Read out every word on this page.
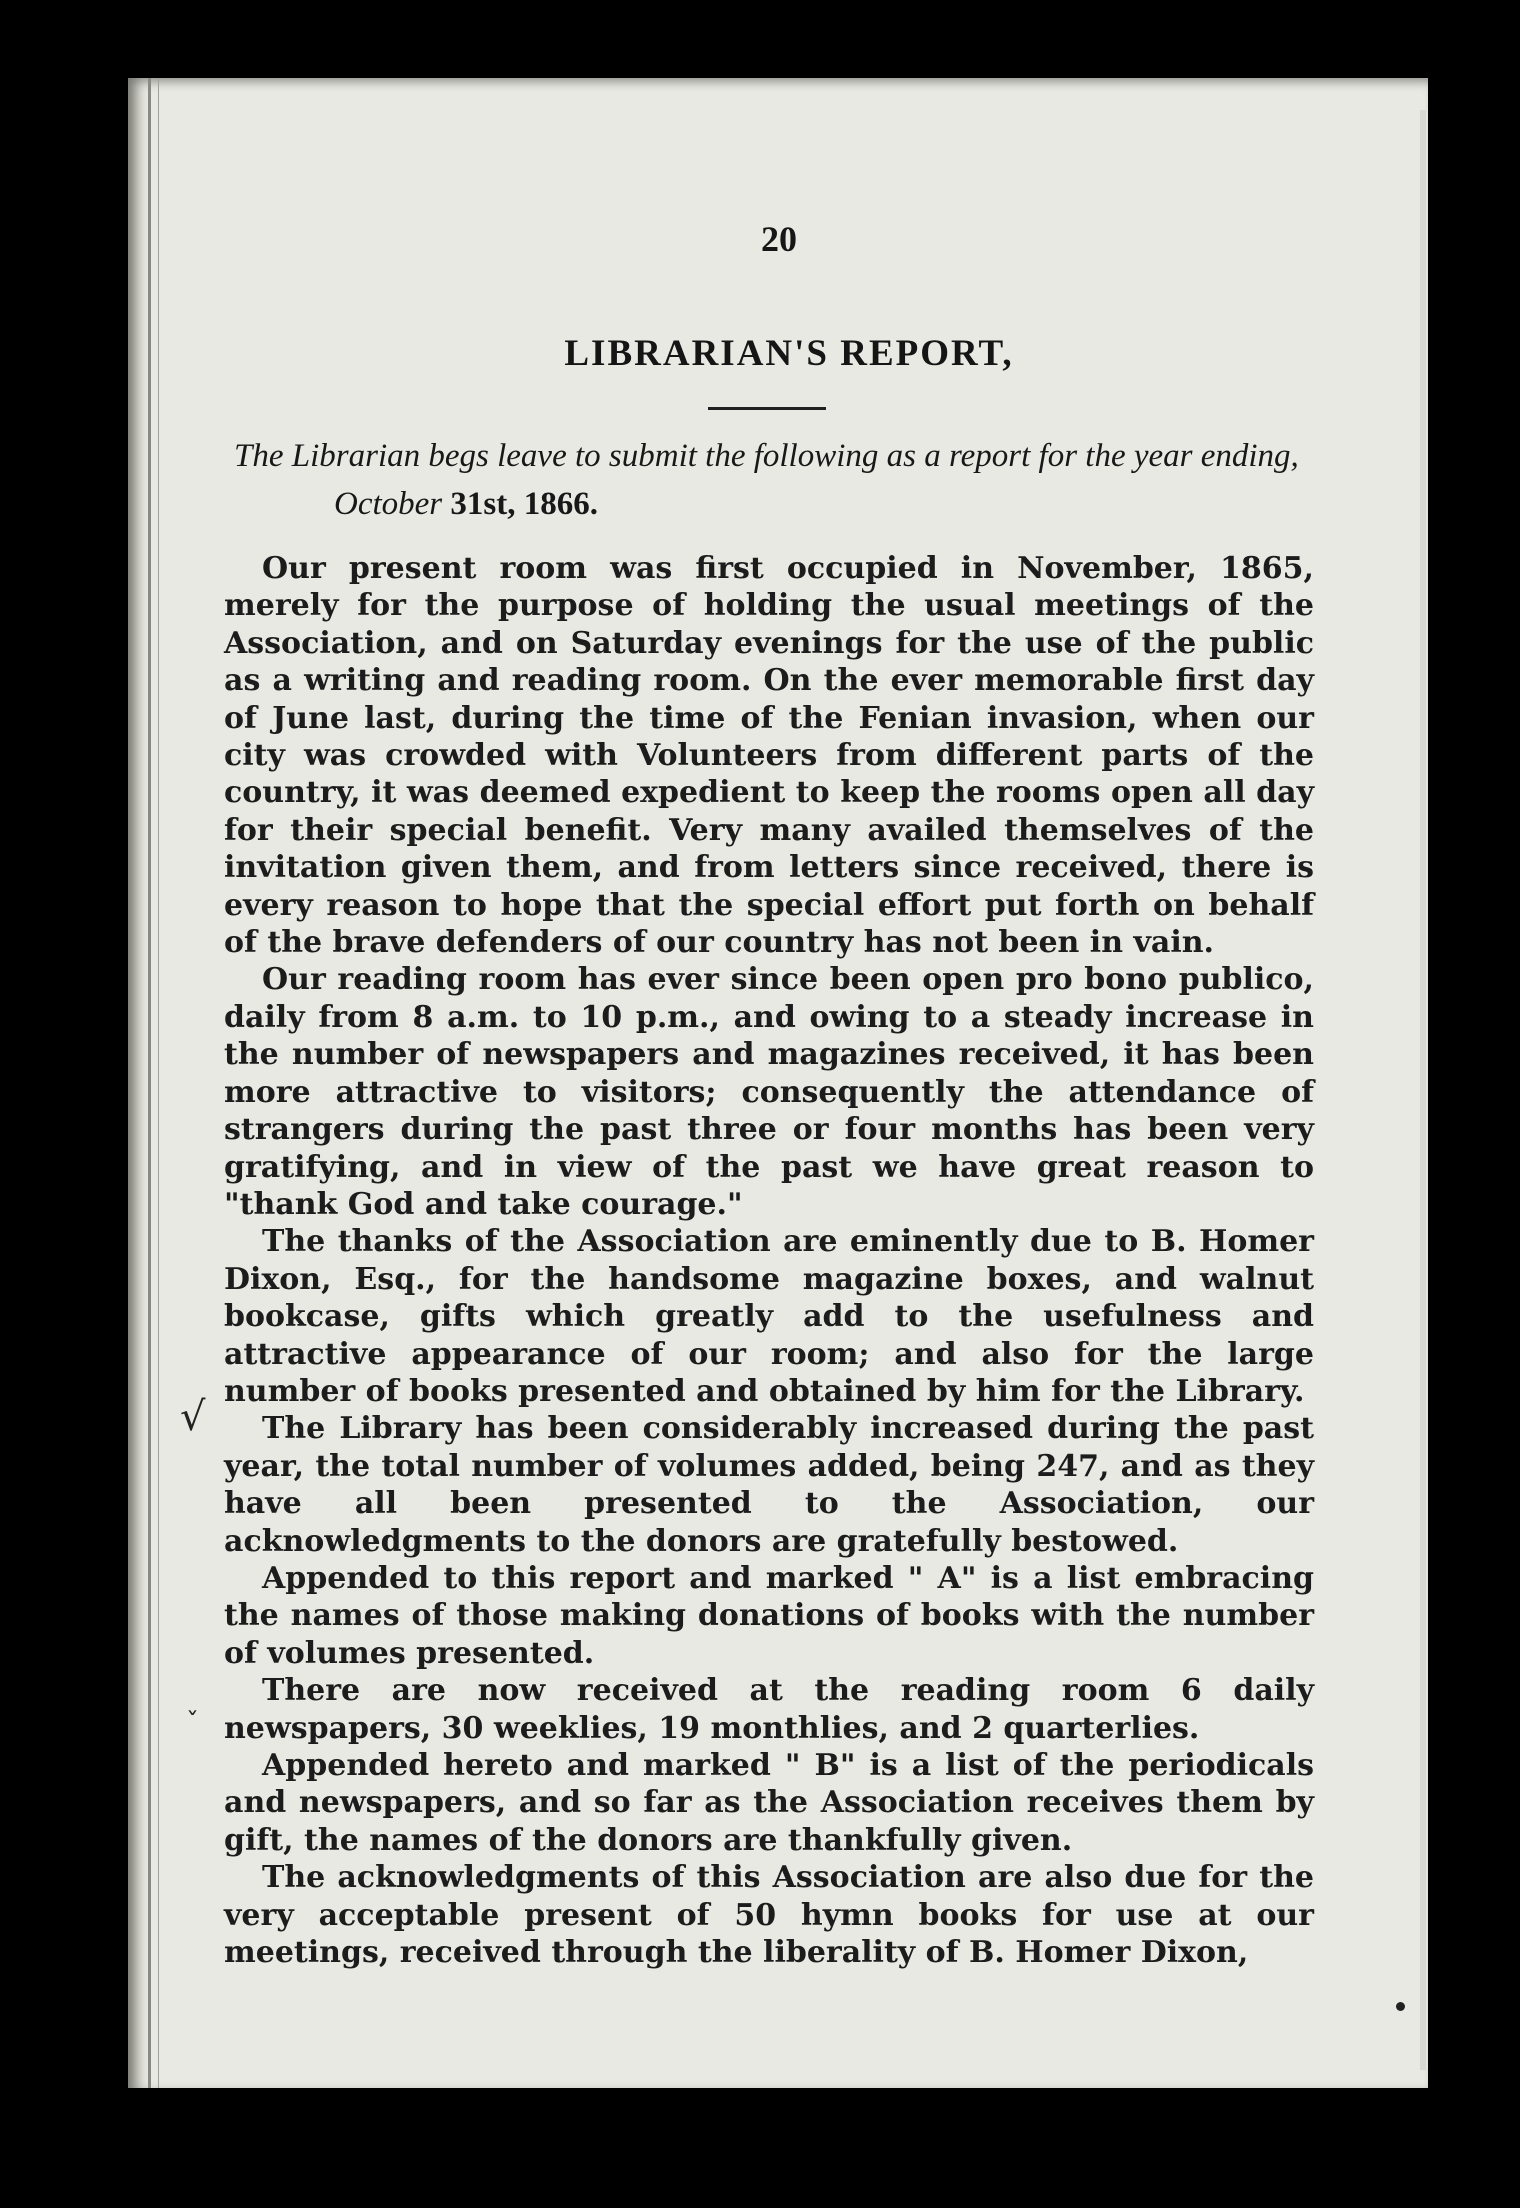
20

LIBRARIAN'S REPORT,

The Librarian begs leave to submit the following as a report for the year ending, October 31st, 1866.

Our present room was first occupied in November, 1865, merely for the purpose of holding the usual meetings of the Association, and on Saturday evenings for the use of the public as a writing and reading room. On the ever memorable first day of June last, during the time of the Fenian invasion, when our city was crowded with Volunteers from different parts of the country, it was deemed expedient to keep the rooms open all day for their special benefit. Very many availed themselves of the invitation given them, and from letters since received, there is every reason to hope that the special effort put forth on behalf of the brave defenders of our country has not been in vain.

Our reading room has ever since been open pro bono publico, daily from 8 a.m. to 10 p.m., and owing to a steady increase in the number of newspapers and magazines received, it has been more attractive to visitors; consequently the attendance of strangers during the past three or four months has been very gratifying, and in view of the past we have great reason to "thank God and take courage."

The thanks of the Association are eminently due to B. Homer Dixon, Esq., for the handsome magazine boxes, and walnut bookcase, gifts which greatly add to the usefulness and attractive appearance of our room; and also for the large number of books presented and obtained by him for the Library.

The Library has been considerably increased during the past year, the total number of volumes added, being 247, and as they have all been presented to the Association, our acknowledgments to the donors are gratefully bestowed.

Appended to this report and marked " A" is a list embracing the names of those making donations of books with the number of volumes presented.

There are now received at the reading room 6 daily newspapers, 30 weeklies, 19 monthlies, and 2 quarterlies.

Appended hereto and marked " B" is a list of the periodicals and newspapers, and so far as the Association receives them by gift, the names of the donors are thankfully given.

The acknowledgments of this Association are also due for the very acceptable present of 50 hymn books for use at our meetings, received through the liberality of B. Homer Dixon,

√
ˇ
